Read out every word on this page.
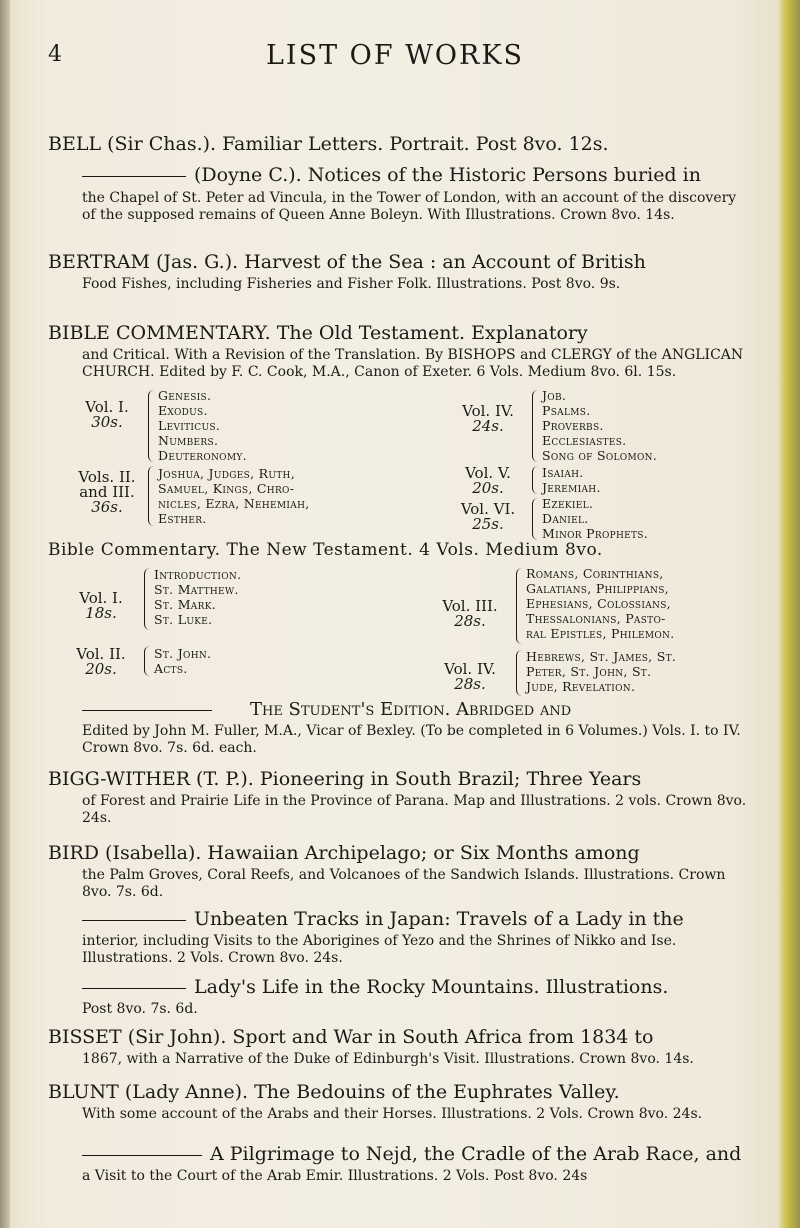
4	LIST OF WORKS
BELL (Sir Chas.). Familiar Letters. Portrait. Post 8vo. 12s.
(Doyne C.). Notices of the Historic Persons buried in
the Chapel of St. Peter ad Vincula, in the Tower of London, with an account of the discovery of the supposed remains of Queen Anne Boleyn. With Illustrations. Crown 8vo. 14s.
BERTRAM (Jas. G.). Harvest of the Sea : an Account of British
Food Fishes, including Fisheries and Fisher Folk. Illustrations. Post 8vo. 9s.
BIBLE COMMENTARY. The Old Testament. Explanatory
and Critical. With a Revision of the Translation. By BISHOPS and CLERGY of the ANGLICAN CHURCH. Edited by F. C. Cook, M.A., Canon of Exeter. 6 Vols. Medium 8vo. 6l. 15s.
Vol. I.
30s.
Genesis.
Exodus.
Leviticus.
Numbers.
Deuteronomy.
Vols. II.
and III.
36s.
Joshua, Judges, Ruth,
Samuel, Kings, Chro-
nicles, Ezra, Nehemiah,
Esther.
Vol. IV.
24s.
Job.
Psalms.
Proverbs.
Ecclesiastes.
Song of Solomon.
Vol. V.
20s.
Isaiah.
Jeremiah.
Vol. VI.
25s.
Ezekiel.
Daniel.
Minor Prophets.
Bible Commentary. The New Testament. 4 Vols. Medium 8vo.
Vol. I.
18s.
Introduction.
St. Matthew.
St. Mark.
St. Luke.
Vol. II.
20s.
St. John.
Acts.
Vol. III.
28s.
Romans, Corinthians,
Galatians, Philippians,
Ephesians, Colossians,
Thessalonians, Pasto-
ral Epistles, Philemon.
Vol. IV.
28s.
Hebrews, St. James, St.
Peter, St. John, St.
Jude, Revelation.
The Student's Edition. Abridged and
Edited by John M. Fuller, M.A., Vicar of Bexley. (To be completed in 6 Volumes.) Vols. I. to IV. Crown 8vo. 7s. 6d. each.
BIGG-WITHER (T. P.). Pioneering in South Brazil; Three Years
of Forest and Prairie Life in the Province of Parana. Map and Illustrations. 2 vols. Crown 8vo. 24s.
BIRD (Isabella). Hawaiian Archipelago; or Six Months among
the Palm Groves, Coral Reefs, and Volcanoes of the Sandwich Islands. Illustrations. Crown 8vo. 7s. 6d.
Unbeaten Tracks in Japan: Travels of a Lady in the
interior, including Visits to the Aborigines of Yezo and the Shrines of Nikko and Ise. Illustrations. 2 Vols. Crown 8vo. 24s.
Lady's Life in the Rocky Mountains. Illustrations.
Post 8vo. 7s. 6d.
BISSET (Sir John). Sport and War in South Africa from 1834 to
1867, with a Narrative of the Duke of Edinburgh's Visit. Illustrations. Crown 8vo. 14s.
BLUNT (Lady Anne). The Bedouins of the Euphrates Valley.
With some account of the Arabs and their Horses. Illustrations. 2 Vols. Crown 8vo. 24s.
A Pilgrimage to Nejd, the Cradle of the Arab Race, and
a Visit to the Court of the Arab Emir. Illustrations. 2 Vols. Post 8vo. 24s
